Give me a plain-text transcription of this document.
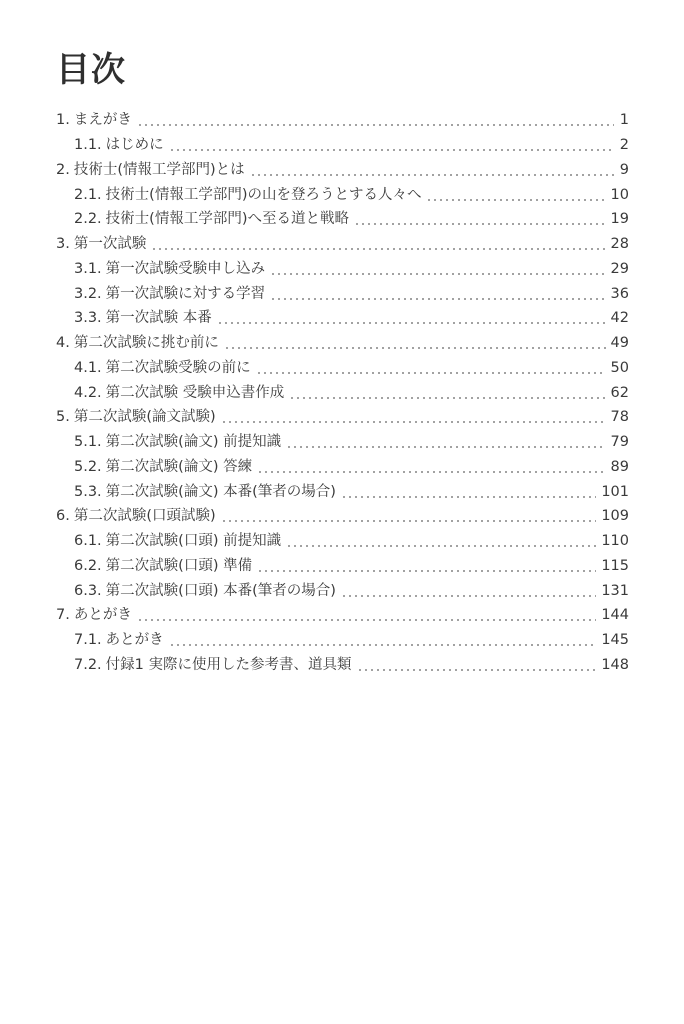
目次
1. まえがき	1
1.1. はじめに	2
2. 技術士(情報工学部門)とは	9
2.1. 技術士(情報工学部門)の山を登ろうとする人々へ	10
2.2. 技術士(情報工学部門)へ至る道と戦略	19
3. 第一次試験	28
3.1. 第一次試験受験申し込み	29
3.2. 第一次試験に対する学習	36
3.3. 第一次試験 本番	42
4. 第二次試験に挑む前に	49
4.1. 第二次試験受験の前に	50
4.2. 第二次試験 受験申込書作成	62
5. 第二次試験(論文試験)	78
5.1. 第二次試験(論文) 前提知識	79
5.2. 第二次試験(論文) 答練	89
5.3. 第二次試験(論文) 本番(筆者の場合)	101
6. 第二次試験(口頭試験)	109
6.1. 第二次試験(口頭) 前提知識	110
6.2. 第二次試験(口頭) 準備	115
6.3. 第二次試験(口頭) 本番(筆者の場合)	131
7. あとがき	144
7.1. あとがき	145
7.2. 付録1 実際に使用した参考書、道具類	148
